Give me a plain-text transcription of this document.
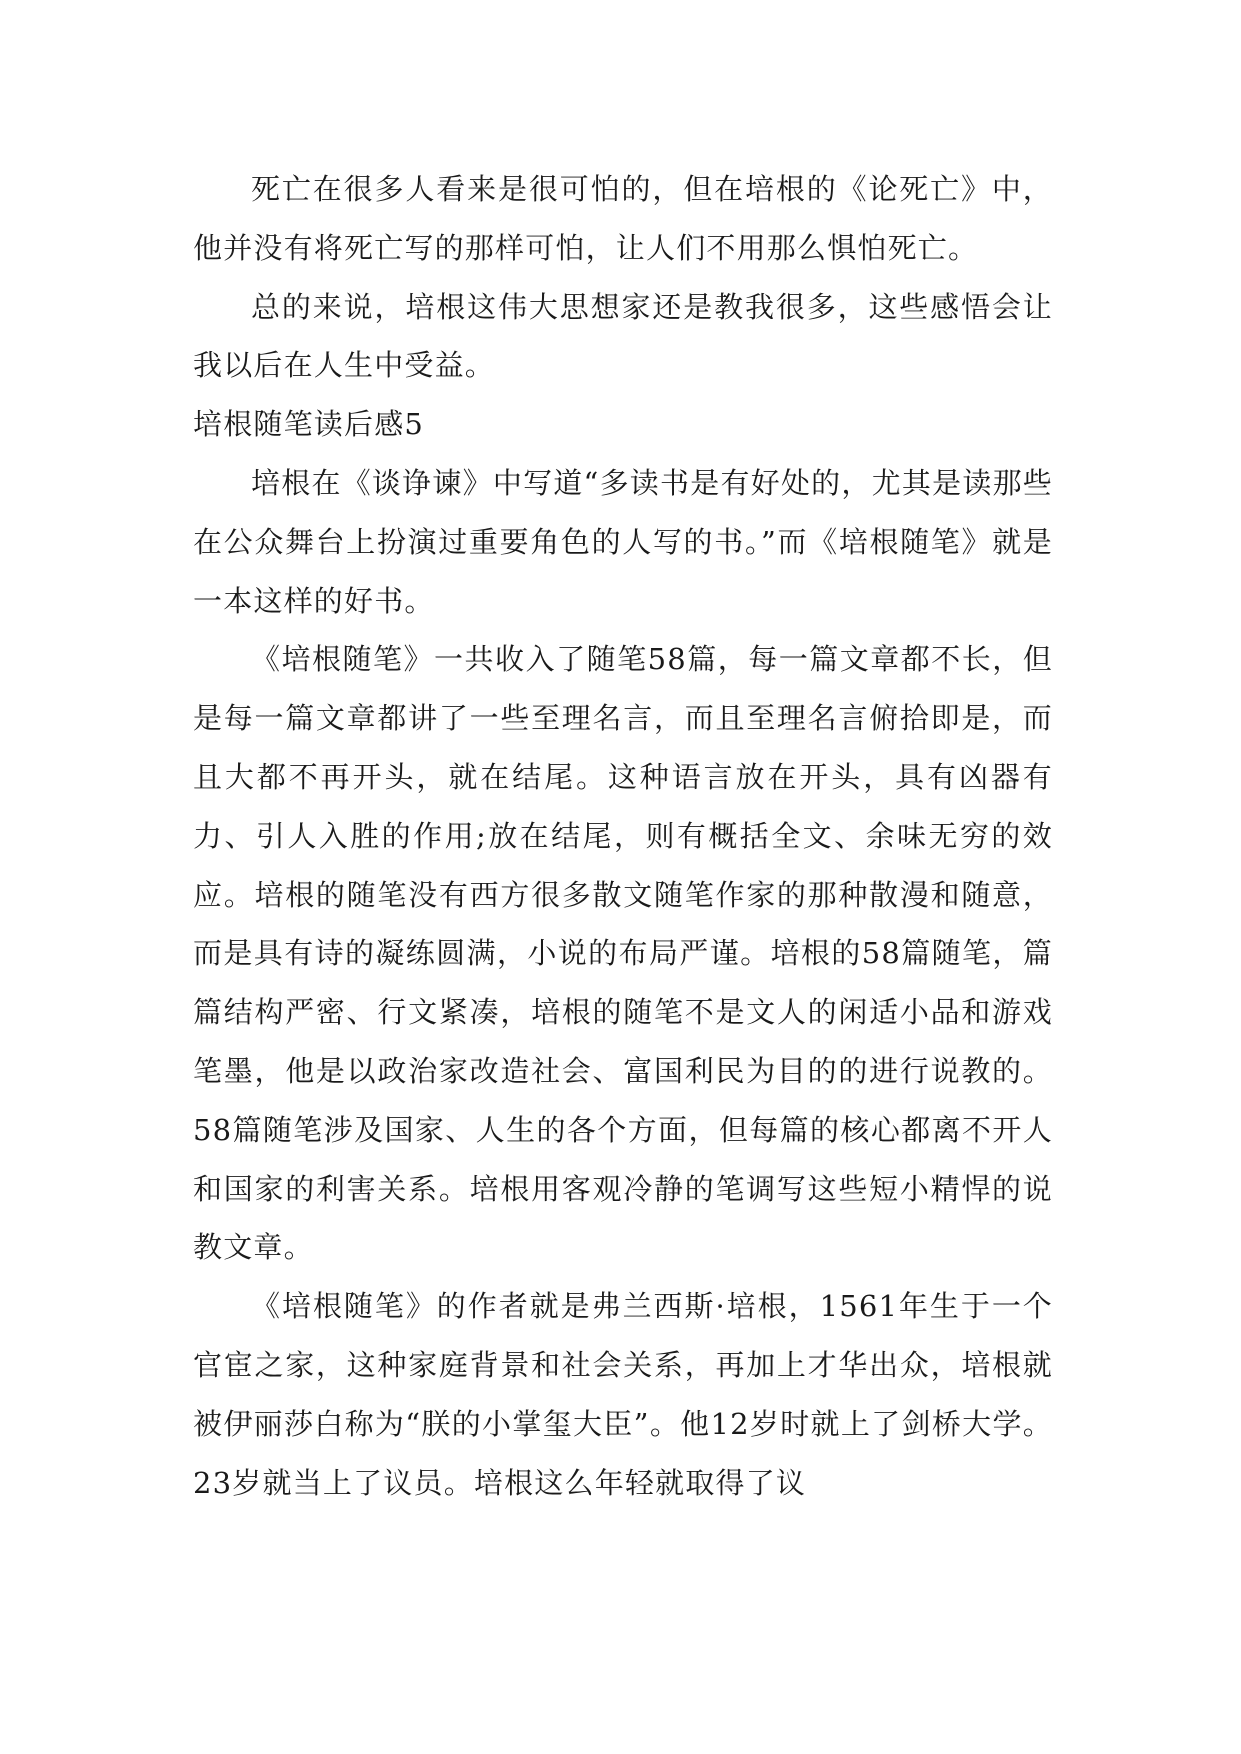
死亡在很多人看来是很可怕的，但在培根的《论死亡》中，他并没有将死亡写的那样可怕，让人们不用那么惧怕死亡。

总的来说，培根这伟大思想家还是教我很多，这些感悟会让我以后在人生中受益。

培根随笔读后感5

培根在《谈诤谏》中写道“多读书是有好处的，尤其是读那些在公众舞台上扮演过重要角色的人写的书。”而《培根随笔》就是一本这样的好书。

《培根随笔》一共收入了随笔58篇，每一篇文章都不长，但是每一篇文章都讲了一些至理名言，而且至理名言俯拾即是，而且大都不再开头，就在结尾。这种语言放在开头，具有凶器有力、引人入胜的作用;放在结尾，则有概括全文、余味无穷的效应。培根的随笔没有西方很多散文随笔作家的那种散漫和随意，而是具有诗的凝练圆满，小说的布局严谨。培根的58篇随笔，篇篇结构严密、行文紧凑，培根的随笔不是文人的闲适小品和游戏笔墨，他是以政治家改造社会、富国利民为目的的进行说教的。58篇随笔涉及国家、人生的各个方面，但每篇的核心都离不开人和国家的利害关系。培根用客观冷静的笔调写这些短小精悍的说教文章。

《培根随笔》的作者就是弗兰西斯·培根，1561年生于一个官宦之家，这种家庭背景和社会关系，再加上才华出众，培根就被伊丽莎白称为“朕的小掌玺大臣”。他12岁时就上了剑桥大学。23岁就当上了议员。培根这么年轻就取得了议
